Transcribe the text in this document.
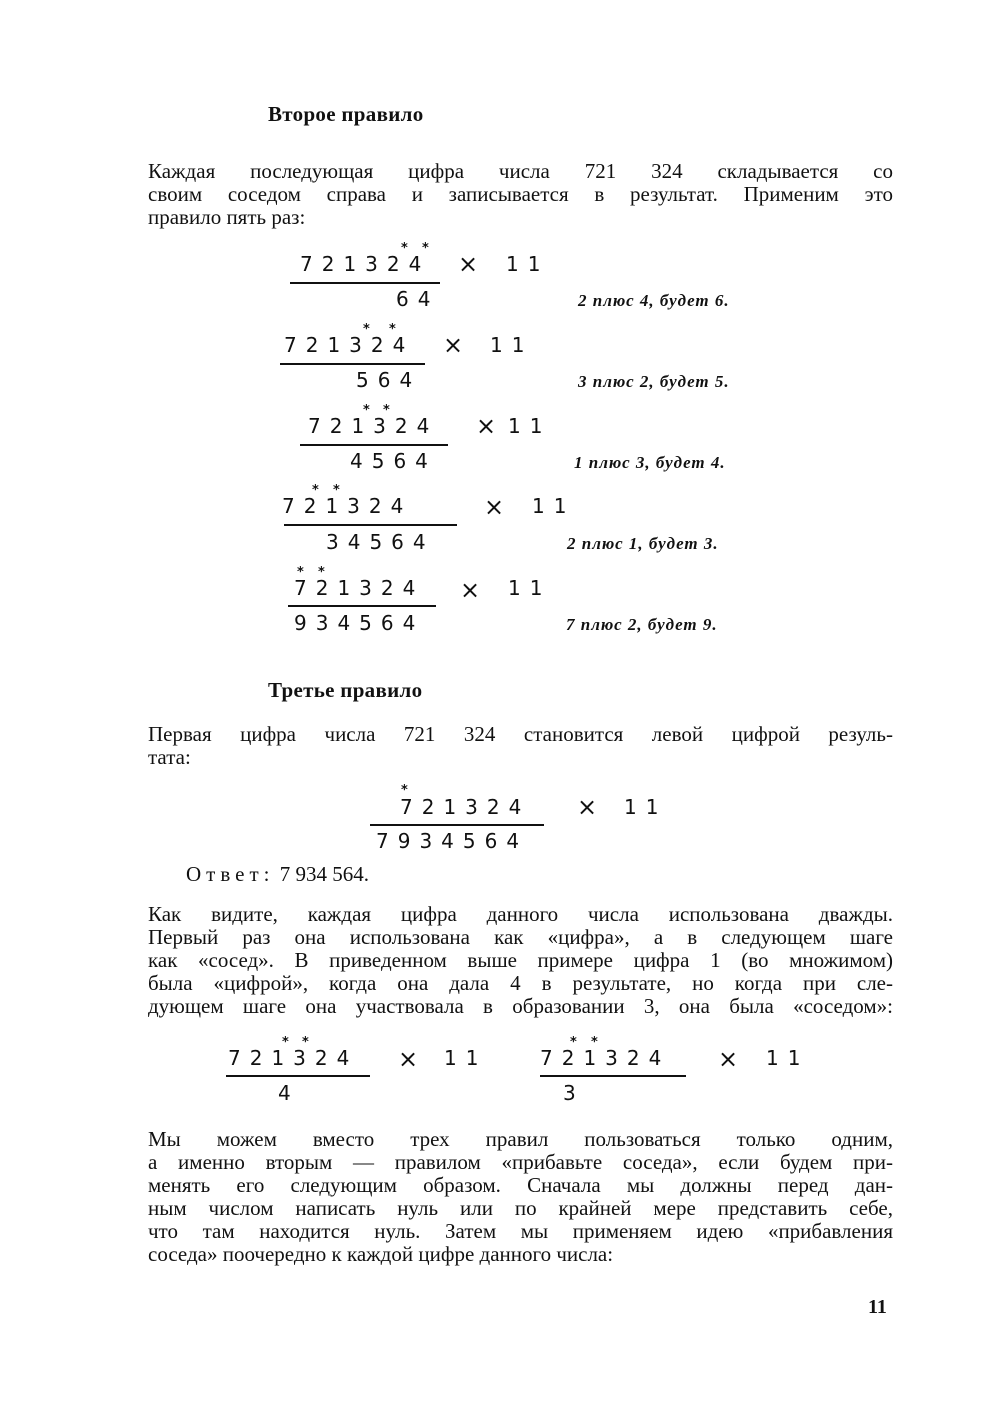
Второе правило
Каждая последующая цифра числа 721 324 складывается со
своим соседом справа и записывается в результат. Применим это
правило пять раз:
721324
* *
× 11
64	2 плюс 4, будет 6.
721324
* *
× 11
564	3 плюс 2, будет 5.
721324
* *
× 11
4564	1 плюс 3, будет 4.
721324
* *
× 11
34564	2 плюс 1, будет 3.
721324
* *
× 11
934564	7 плюс 2, будет 9.
Третье правило
Первая цифра числа 721 324 становится левой цифрой резуль-
тата:
721324
*
× 11
7934564
Ответ: 7 934 564.
Как видите, каждая цифра данного числа использована дважды.
Первый раз она использована как «цифра», а в следующем шаге
как «сосед». В приведенном выше примере цифра 1 (во множимом)
была «цифрой», когда она дала 4 в результате, но когда при сле-
дующем шаге она участвовала в образовании 3, она была «соседом»:
721324
* *
× 11
4
721324
* *
× 11
3
Мы можем вместо трех правил пользоваться только одним,
а именно вторым — правилом «прибавьте соседа», если будем при-
менять его следующим образом. Сначала мы должны перед дан-
ным числом написать нуль или по крайней мере представить себе,
что там находится нуль. Затем мы применяем идею «прибавления
соседа» поочередно к каждой цифре данного числа:
11
